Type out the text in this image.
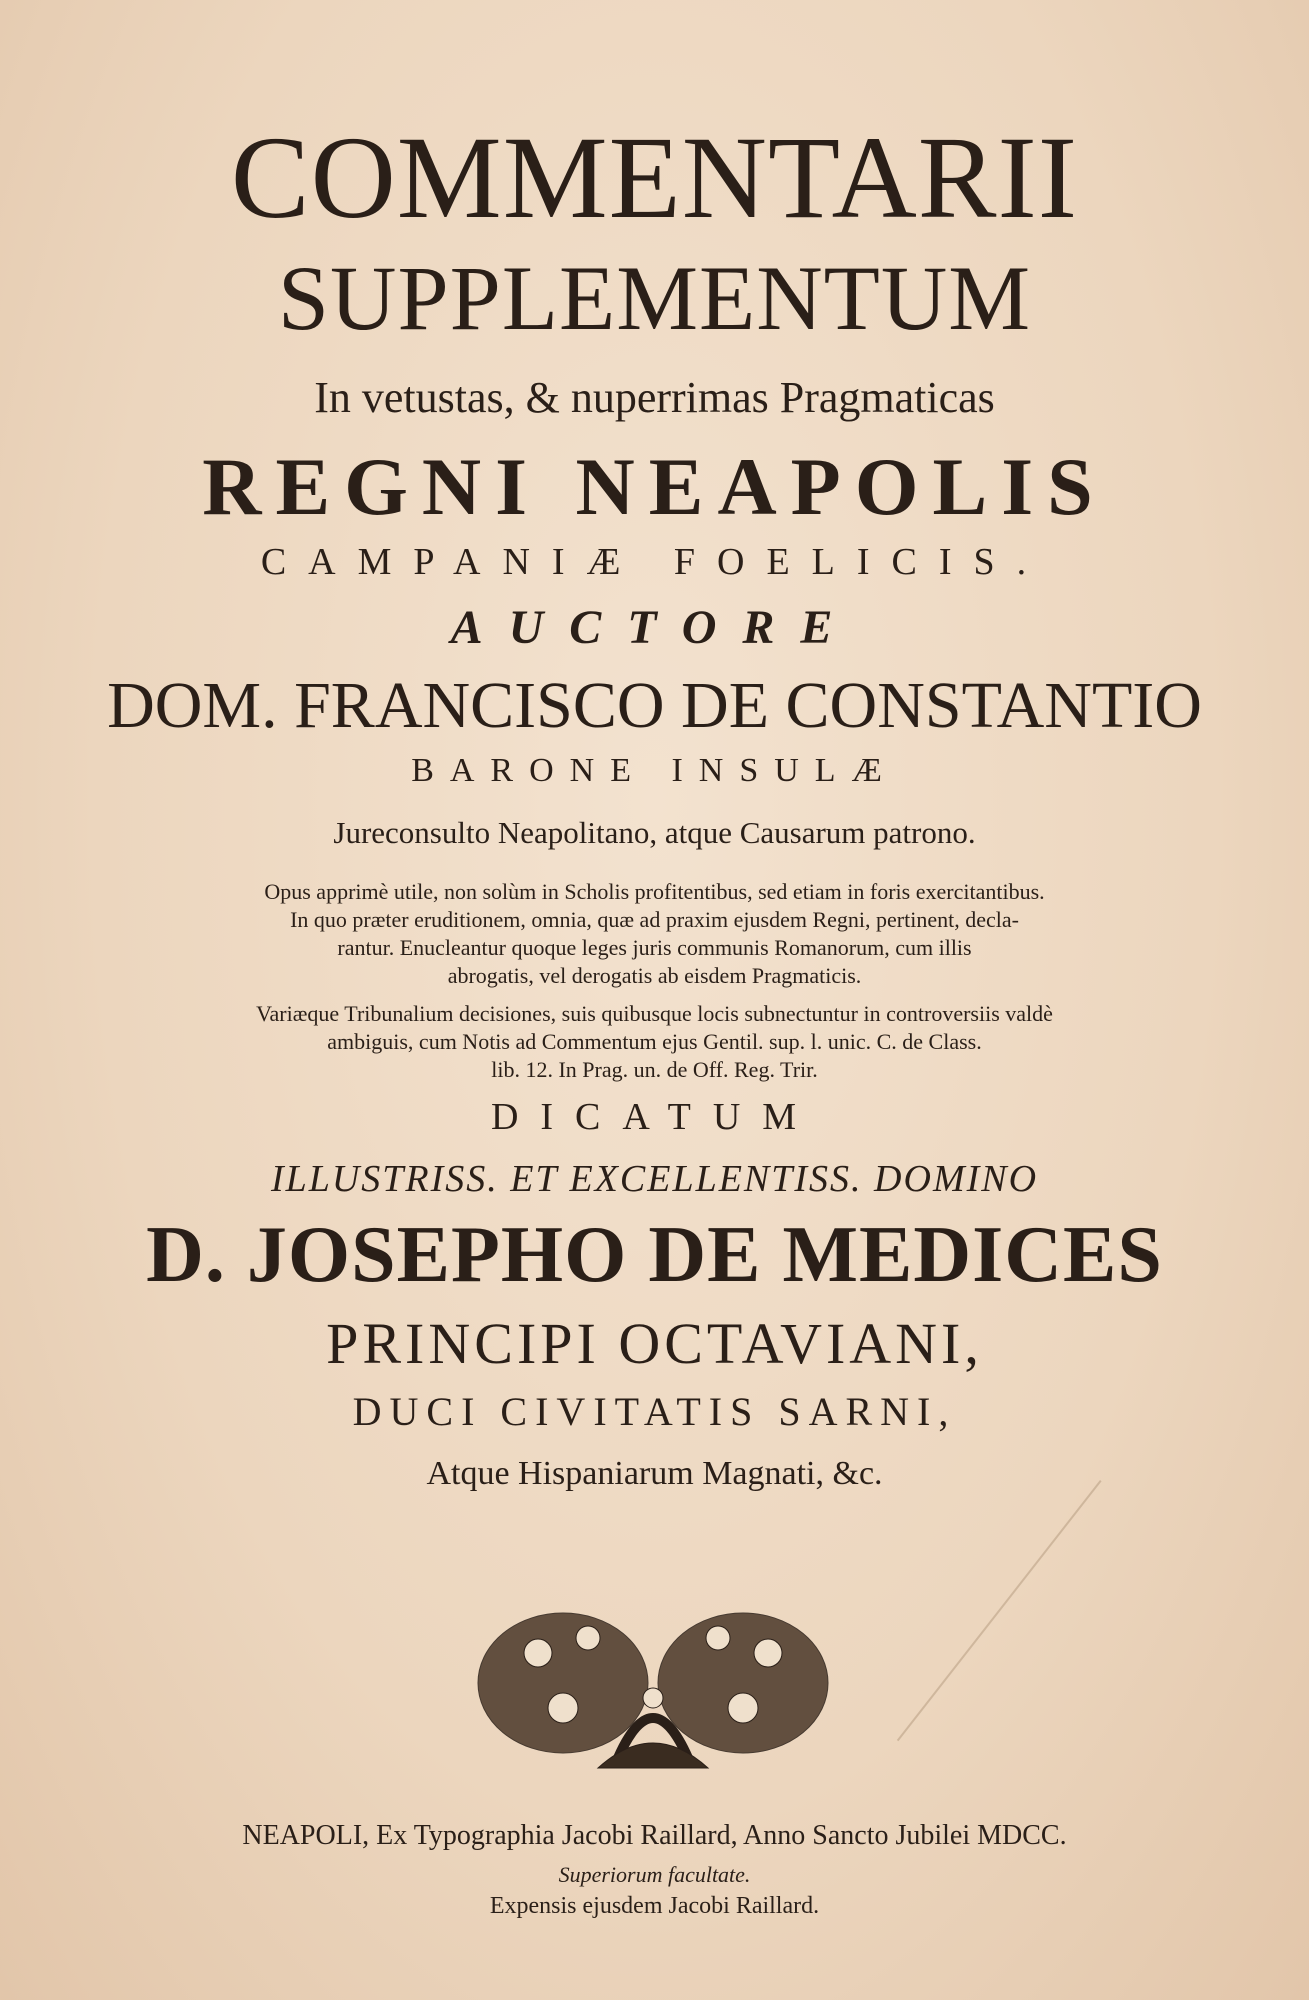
COMMENTARII
SUPPLEMENTUM
In vetustas, & nuperrimas Pragmaticas
REGNI NEAPOLIS
CAMPANIÆ FOELICIS.
AUCTORE
DOM. FRANCISCO DE CONSTANTIO
BARONE INSULÆ
Jureconsulto Neapolitano, atque Causarum patrono.
Opus apprimè utile, non solùm in Scholis profitentibus, sed etiam in foris exercitantibus.
In quo præter eruditionem, omnia, quæ ad praxim ejusdem Regni, pertinent, decla-
rantur. Enucleantur quoque leges juris communis Romanorum, cum illis
abrogatis, vel derogatis ab eisdem Pragmaticis.
Variæque Tribunalium decisiones, suis quibusque locis subnectuntur in controversiis valdè
ambiguis, cum Notis ad Commentum ejus Gentil. sup. l. unic. C. de Class.
lib. 12. In Prag. un. de Off. Reg. Trir.
DICATUM
ILLUSTRISS. ET EXCELLENTISS. DOMINO
D. JOSEPHO DE MEDICES
PRINCIPI OCTAVIANI,
DUCI CIVITATIS SARNI,
Atque Hispaniarum Magnati, &c.
NEAPOLI, Ex Typographia Jacobi Raillard, Anno Sancto Jubilei MDCC.
Superiorum facultate.
Expensis ejusdem Jacobi Raillard.
